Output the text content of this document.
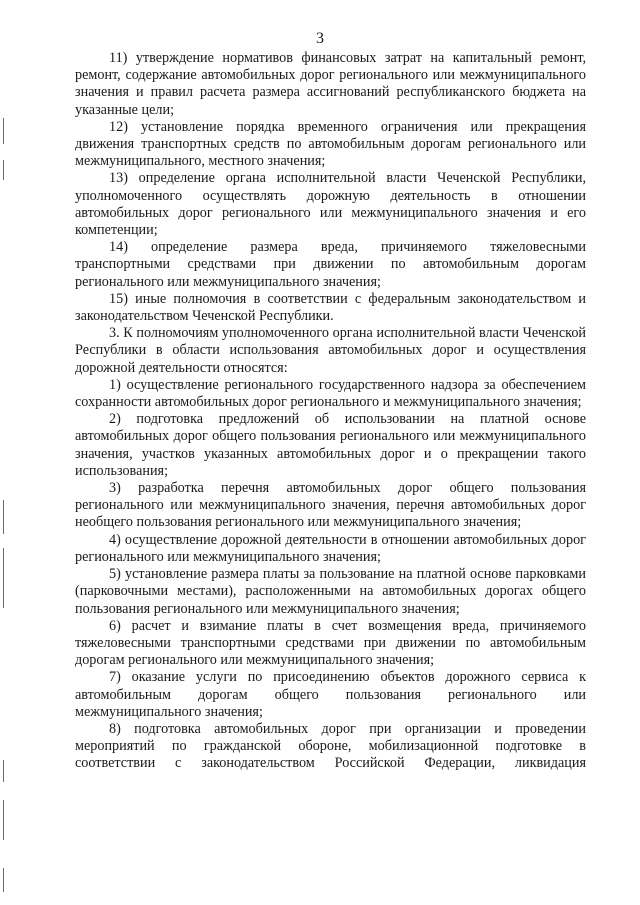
3

11) утверждение нормативов финансовых затрат на капитальный ремонт, ремонт, содержание автомобильных дорог регионального или межмуниципального значения и правил расчета размера ассигнований республиканского бюджета на указанные цели;

12) установление порядка временного ограничения или прекращения движения транспортных средств по автомобильным дорогам регионального или межмуниципального, местного значения;

13) определение органа исполнительной власти Чеченской Республики, уполномоченного осуществлять дорожную деятельность в отношении автомобильных дорог регионального или межмуниципального значения и его компетенции;

14) определение размера вреда, причиняемого тяжеловесными транспортными средствами при движении по автомобильным дорогам регионального или межмуниципального значения;

15) иные полномочия в соответствии с федеральным законодательством и законодательством Чеченской Республики.

3. К полномочиям уполномоченного органа исполнительной власти Чеченской Республики в области использования автомобильных дорог и осуществления дорожной деятельности относятся:

1) осуществление регионального государственного надзора за обеспечением сохранности автомобильных дорог регионального и межмуниципального значения;

2) подготовка предложений об использовании на платной основе автомобильных дорог общего пользования регионального или межмуниципального значения, участков указанных автомобильных дорог и о прекращении такого использования;

3) разработка перечня автомобильных дорог общего пользования регионального или межмуниципального значения, перечня автомобильных дорог необщего пользования регионального или межмуниципального значения;

4) осуществление дорожной деятельности в отношении автомобильных дорог регионального или межмуниципального значения;

5) установление размера платы за пользование на платной основе парковками (парковочными местами), расположенными на автомобильных дорогах общего пользования регионального или межмуниципального значения;

6) расчет и взимание платы в счет возмещения вреда, причиняемого тяжеловесными транспортными средствами при движении по автомобильным дорогам регионального или межмуниципального значения;

7) оказание услуги по присоединению объектов дорожного сервиса к автомобильным дорогам общего пользования регионального или межмуниципального значения;

8) подготовка автомобильных дорог при организации и проведении мероприятий по гражданской обороне, мобилизационной подготовке в соответствии с законодательством Российской Федерации, ликвидация
